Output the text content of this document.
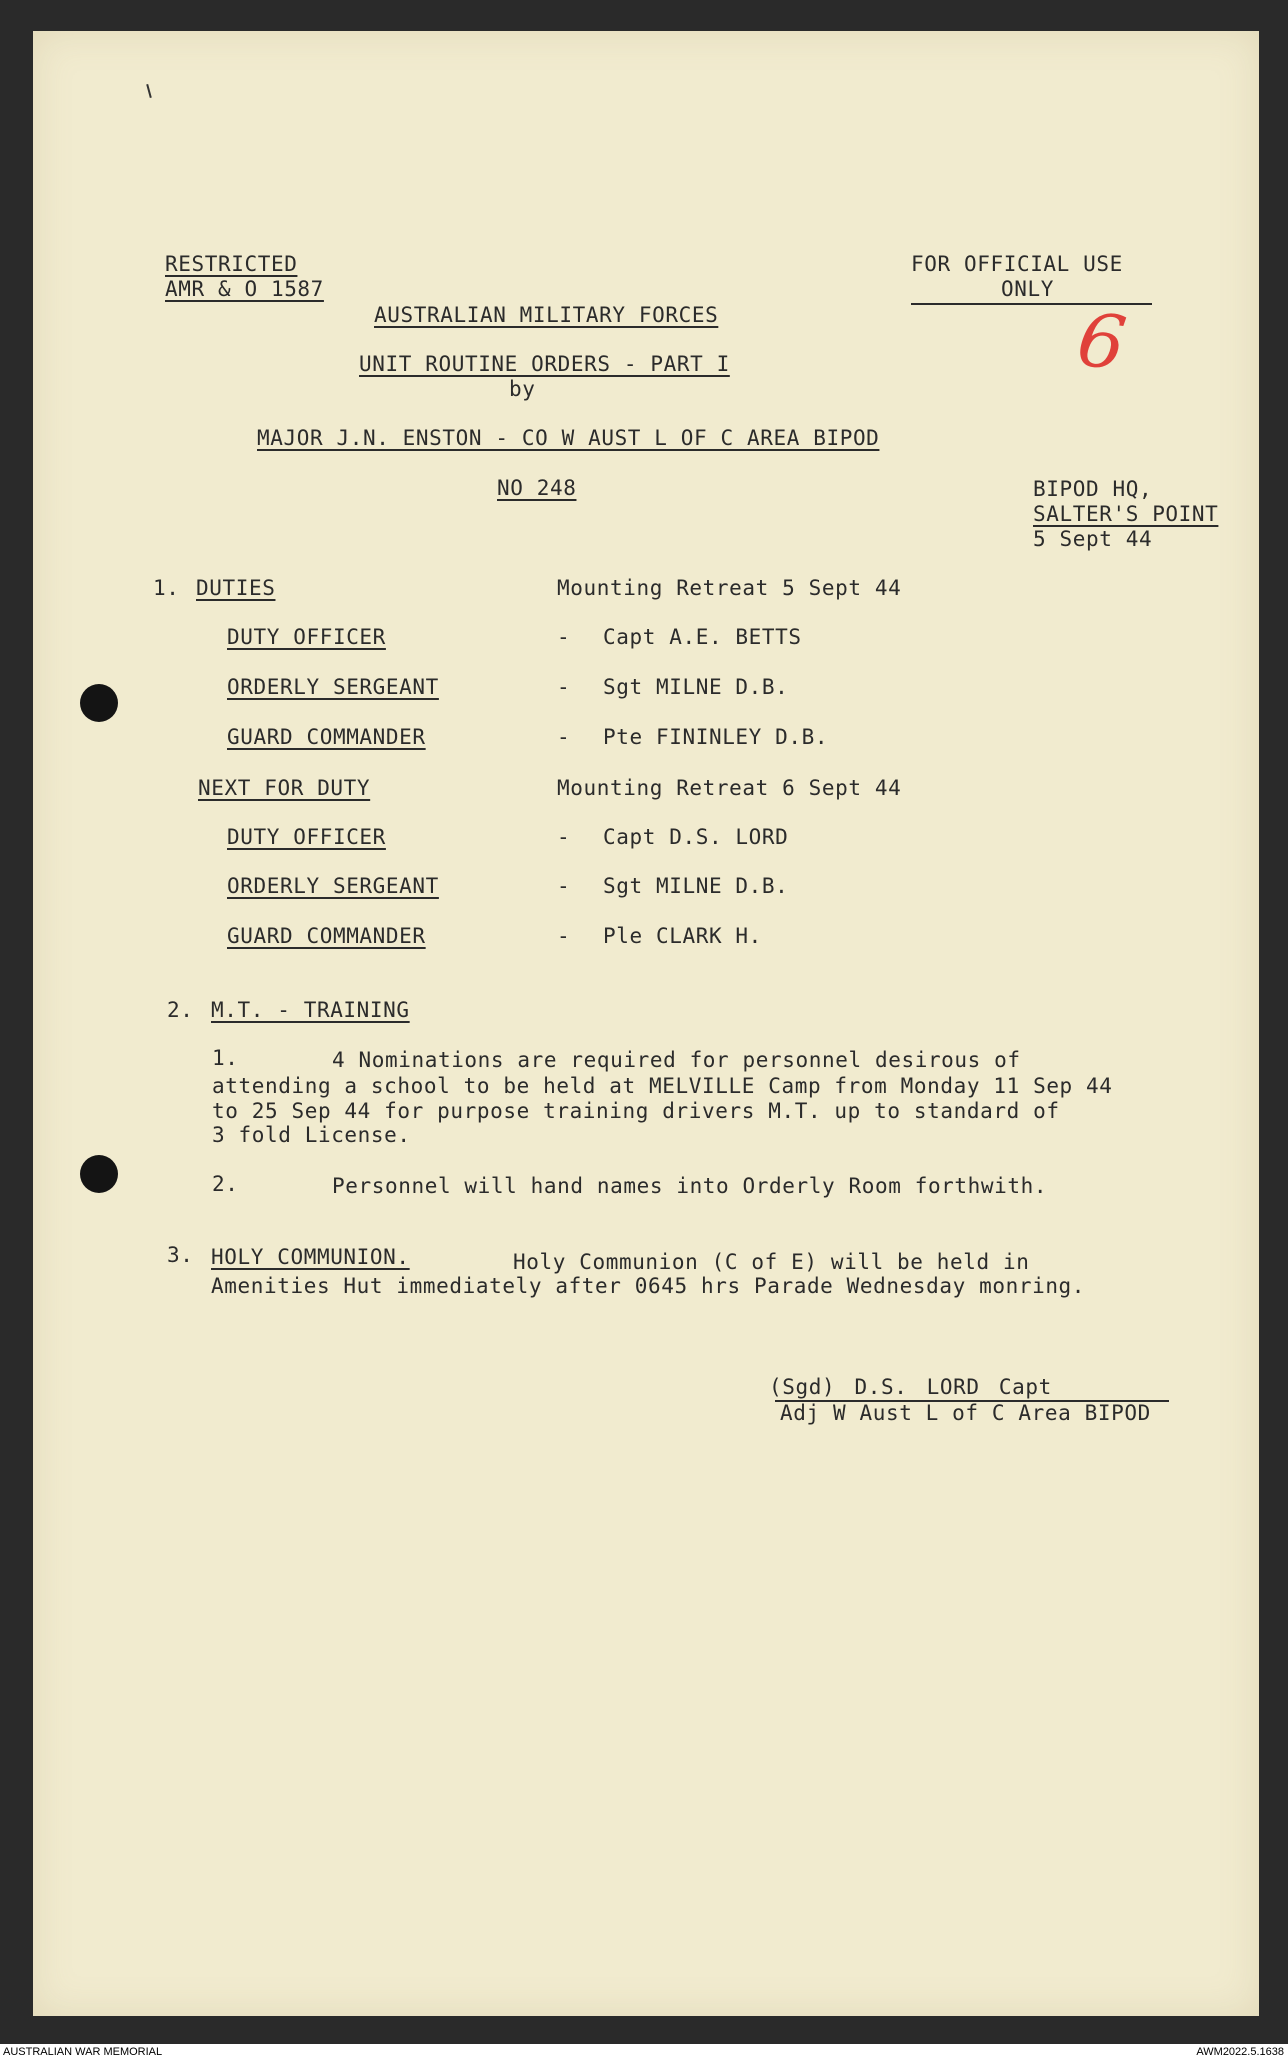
RESTRICTED
AMR & O 1587
FOR OFFICIAL USE
ONLY
6
AUSTRALIAN MILITARY FORCES
UNIT ROUTINE ORDERS - PART I
by
MAJOR J.N. ENSTON - CO W AUST L OF C AREA BIPOD
NO 248	BIPOD HQ,
SALTER'S POINT
5 Sept 44
1. DUTIES	Mounting Retreat 5 Sept 44
DUTY OFFICER	- Capt A.E. BETTS
ORDERLY SERGEANT	- Sgt MILNE D.B.
GUARD COMMANDER	- Pte FININLEY D.B.
NEXT FOR DUTY	Mounting Retreat 6 Sept 44
DUTY OFFICER	- Capt D.S. LORD
ORDERLY SERGEANT	- Sgt MILNE D.B.
GUARD COMMANDER	- Ple CLARK H.
2. M.T. - TRAINING
1.	4 Nominations are required for personnel desirous of
attending a school to be held at MELVILLE Camp from Monday 11 Sep 44
to 25 Sep 44 for purpose training drivers M.T. up to standard of
3 fold License.
2.	Personnel will hand names into Orderly Room forthwith.
3. HOLY COMMUNION.	Holy Communion (C of E) will be held in
Amenities Hut immediately after 0645 hrs Parade Wednesday monring.
(Sgd) D.S. LORD Capt
Adj W Aust L of C Area BIPOD
AUSTRALIAN WAR MEMORIAL	AWM2022.5.1638
